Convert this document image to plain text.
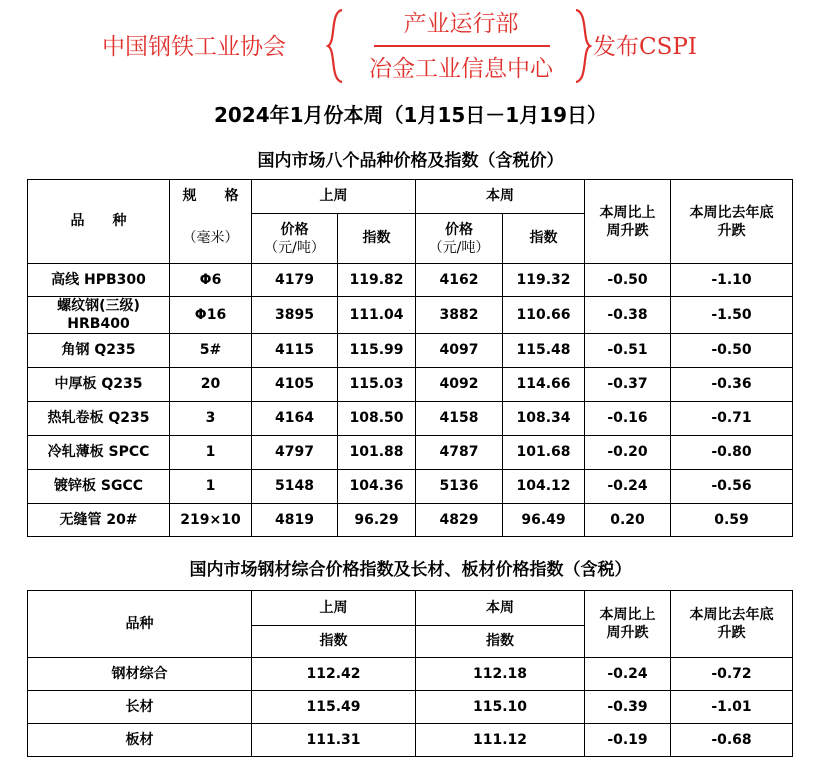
中国钢铁工业协会
产业运行部
冶金工业信息中心
发布CSPI
2024年1月份本周（1月15日－1月19日）
国内市场八个品种价格及指数（含税价）
品　　种	规　　格	上周		本周		本周比上
周升跌	本周比去年底
升跌
	（毫米）	价格
（元/吨）	指数	价格
（元/吨）	指数		
高线 HPB300	Φ6	4179	119.82	4162	119.32	-0.50	-1.10
螺纹钢(三级)
HRB400	Φ16	3895	111.04	3882	110.66	-0.38	-1.50
角钢 Q235	5#	4115	115.99	4097	115.48	-0.51	-0.50
中厚板 Q235	20	4105	115.03	4092	114.66	-0.37	-0.36
热轧卷板 Q235	3	4164	108.50	4158	108.34	-0.16	-0.71
冷轧薄板 SPCC	1	4797	101.88	4787	101.68	-0.20	-0.80
镀锌板 SGCC	1	5148	104.36	5136	104.12	-0.24	-0.56
无缝管 20#	219×10	4819	96.29	4829	96.49	0.20	0.59
国内市场钢材综合价格指数及长材、板材价格指数（含税）
品种	上周	本周	本周比上
周升跌	本周比去年底
升跌
	指数	指数		
钢材综合	112.42	112.18	-0.24	-0.72
长材	115.49	115.10	-0.39	-1.01
板材	111.31	111.12	-0.19	-0.68
